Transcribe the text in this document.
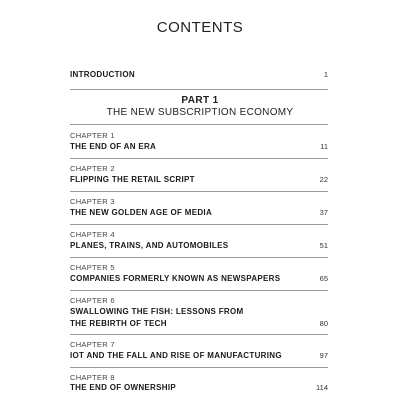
CONTENTS
INTRODUCTION	1
PART 1
THE NEW SUBSCRIPTION ECONOMY
CHAPTER 1
THE END OF AN ERA	11
CHAPTER 2
FLIPPING THE RETAIL SCRIPT	22
CHAPTER 3
THE NEW GOLDEN AGE OF MEDIA	37
CHAPTER 4
PLANES, TRAINS, AND AUTOMOBILES	51
CHAPTER 5
COMPANIES FORMERLY KNOWN AS NEWSPAPERS	65
CHAPTER 6
SWALLOWING THE FISH: LESSONS FROM
THE REBIRTH OF TECH	80
CHAPTER 7
IOT AND THE FALL AND RISE OF MANUFACTURING	97
CHAPTER 8
THE END OF OWNERSHIP	114
